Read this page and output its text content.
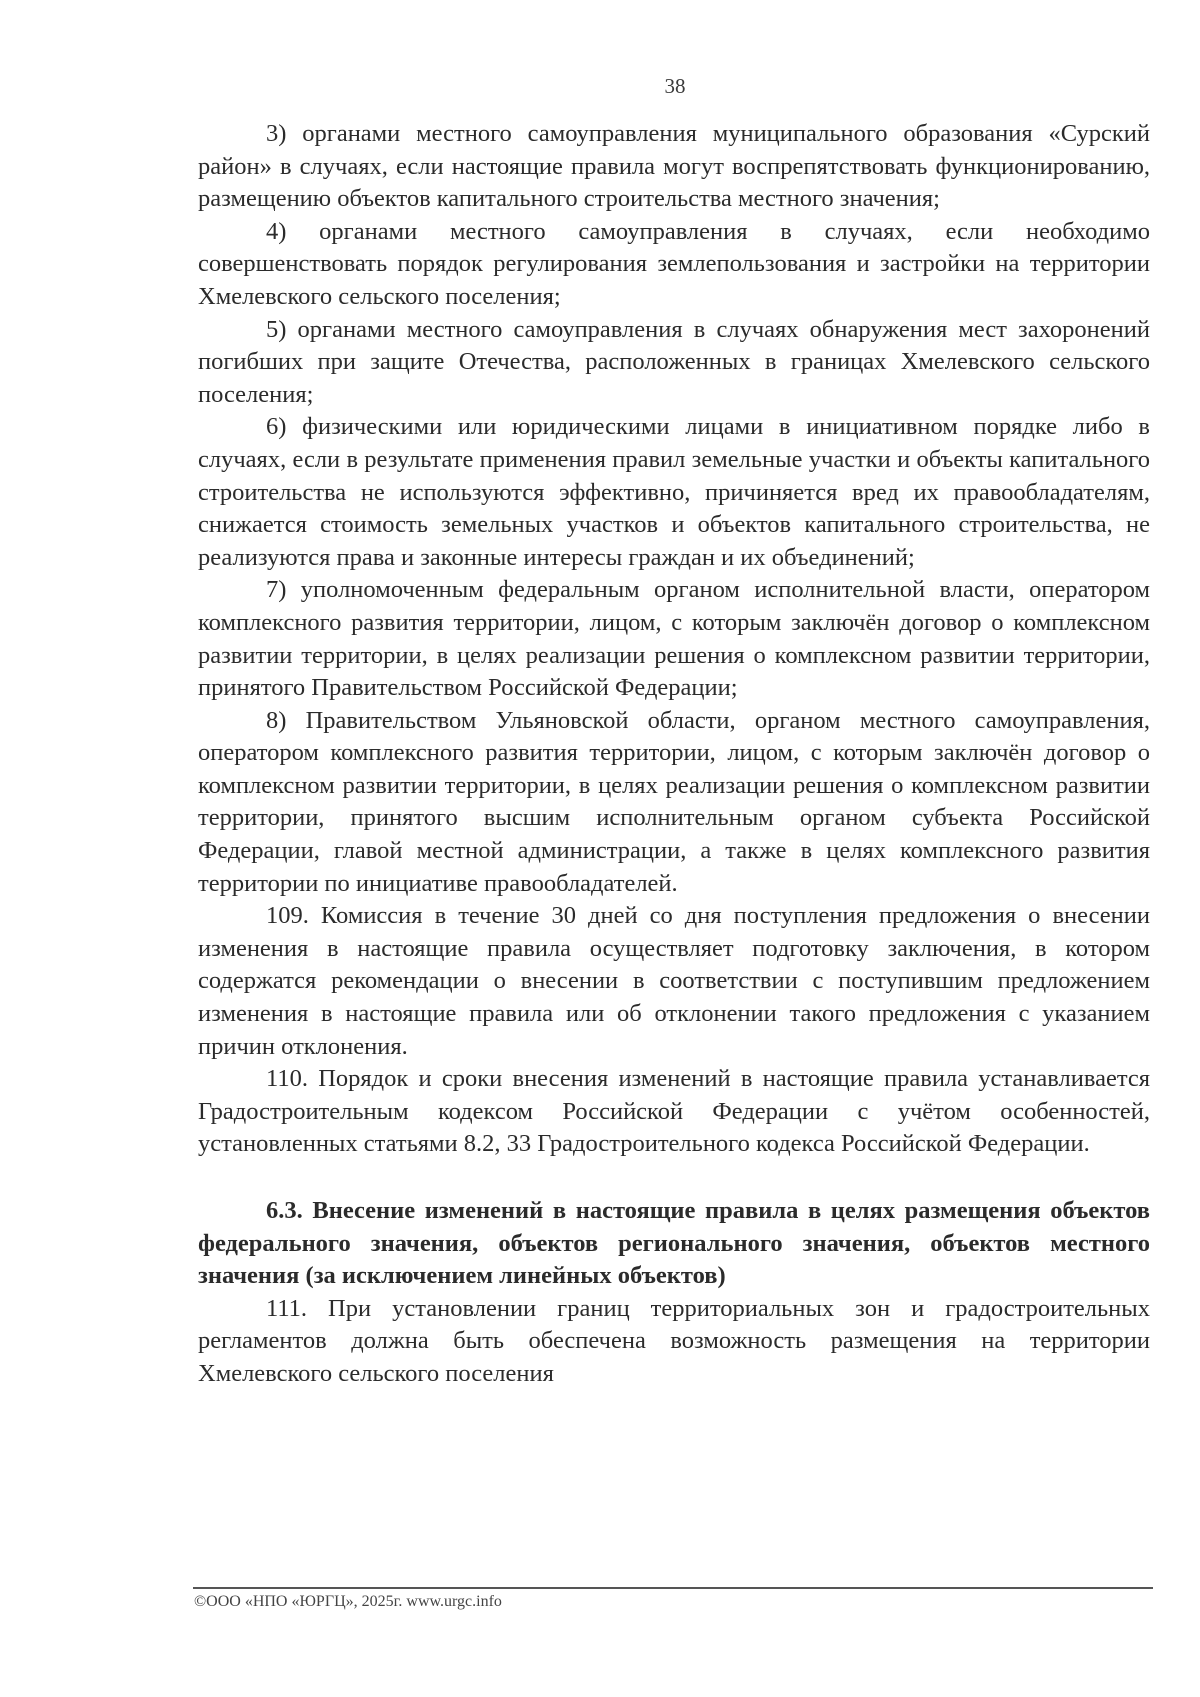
38

3) органами местного самоуправления муниципального образования «Сурский район» в случаях, если настоящие правила могут воспрепятствовать функционированию, размещению объектов капитального строительства местного значения;

4) органами местного самоуправления в случаях, если необходимо совершенствовать порядок регулирования землепользования и застройки на территории Хмелевского сельского поселения;

5) органами местного самоуправления в случаях обнаружения мест захоронений погибших при защите Отечества, расположенных в границах Хмелевского сельского поселения;

6) физическими или юридическими лицами в инициативном порядке либо в случаях, если в результате применения правил земельные участки и объекты капитального строительства не используются эффективно, причиняется вред их правообладателям, снижается стоимость земельных участков и объектов капитального строительства, не реализуются права и законные интересы граждан и их объединений;

7) уполномоченным федеральным органом исполнительной власти, оператором комплексного развития территории, лицом, с которым заключён договор о комплексном развитии территории, в целях реализации решения о комплексном развитии территории, принятого Правительством Российской Федерации;

8) Правительством Ульяновской области, органом местного самоуправления, оператором комплексного развития территории, лицом, с которым заключён договор о комплексном развитии территории, в целях реализации решения о комплексном развитии территории, принятого высшим исполнительным органом субъекта Российской Федерации, главой местной администрации, а также в целях комплексного развития территории по инициативе правообладателей.

109. Комиссия в течение 30 дней со дня поступления предложения о внесении изменения в настоящие правила осуществляет подготовку заключения, в котором содержатся рекомендации о внесении в соответствии с поступившим предложением изменения в настоящие правила или об отклонении такого предложения с указанием причин отклонения.

110. Порядок и сроки внесения изменений в настоящие правила устанавливается Градостроительным кодексом Российской Федерации с учётом особенностей, установленных статьями 8.2, 33 Градостроительного кодекса Российской Федерации.

6.3. Внесение изменений в настоящие правила в целях размещения объектов федерального значения, объектов регионального значения, объектов местного значения (за исключением линейных объектов)

111. При установлении границ территориальных зон и градостроительных регламентов должна быть обеспечена возможность размещения на территории Хмелевского сельского поселения

©ООО «НПО «ЮРГЦ», 2025г. www.urgc.info
